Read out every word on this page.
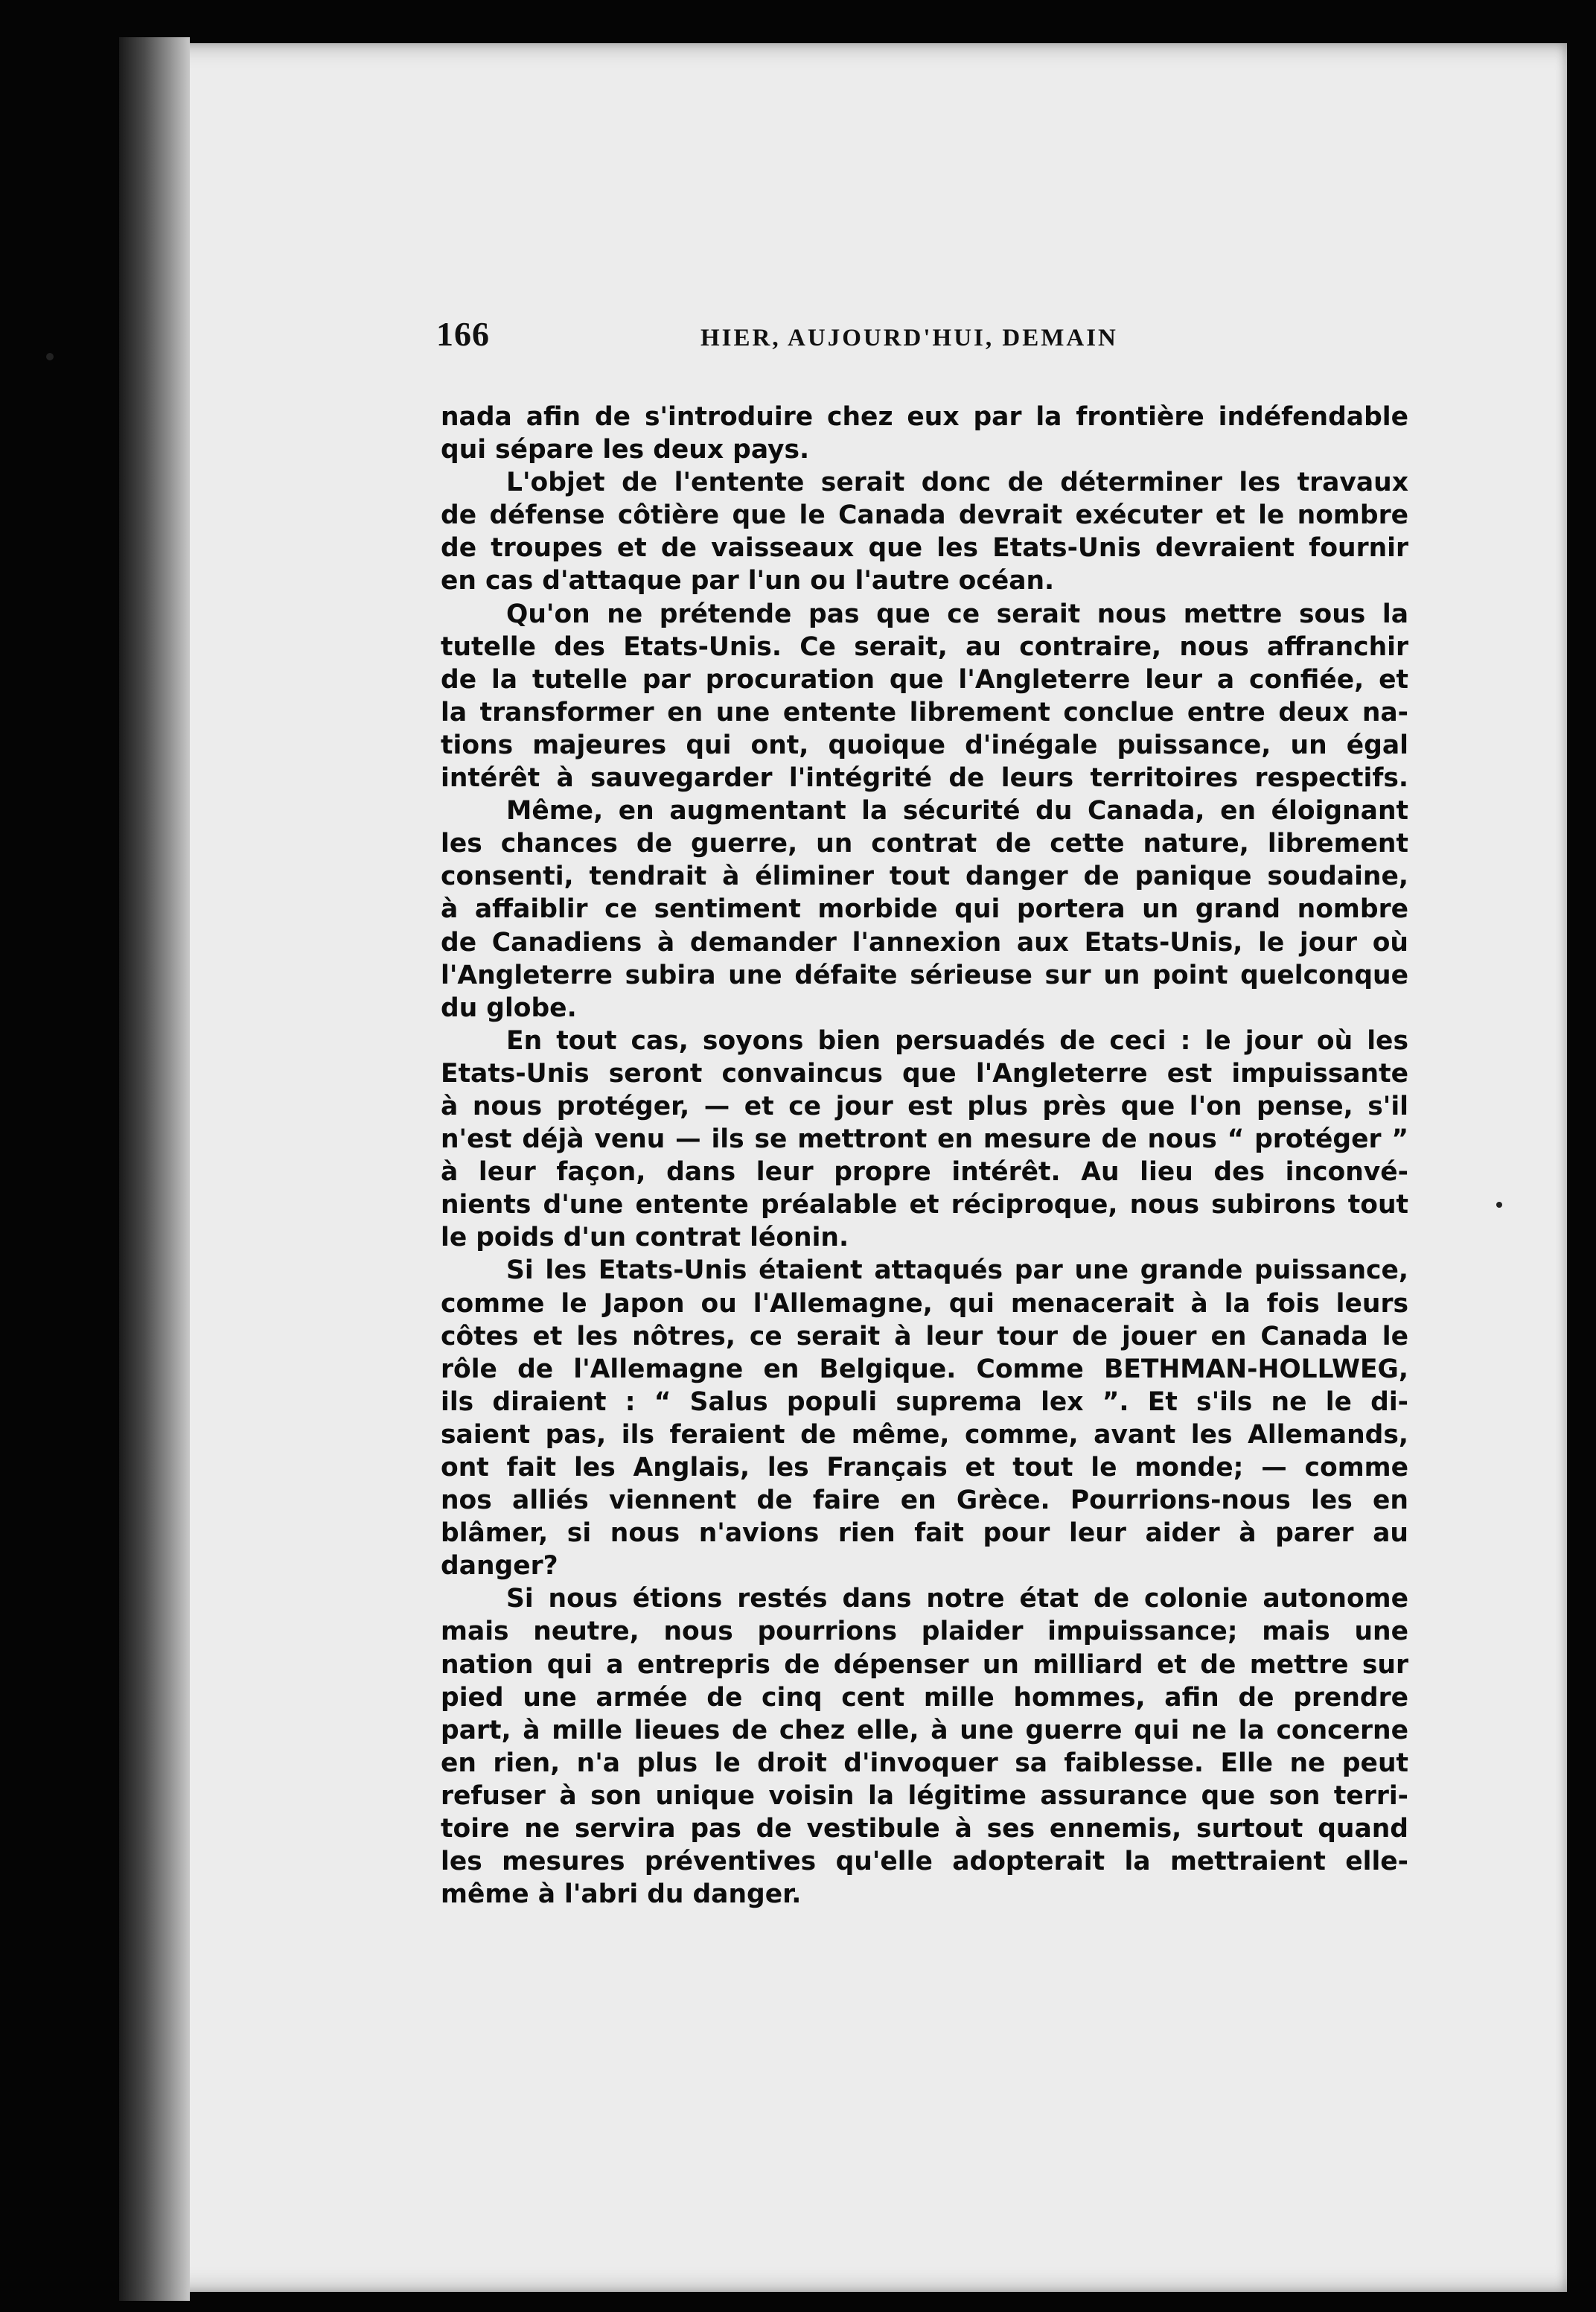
166	HIER, AUJOURD'HUI, DEMAIN
nada afin de s'introduire chez eux par la frontière indéfendable
qui sépare les deux pays.
L'objet de l'entente serait donc de déterminer les travaux
de défense côtière que le Canada devrait exécuter et le nombre
de troupes et de vaisseaux que les Etats-Unis devraient fournir
en cas d'attaque par l'un ou l'autre océan.
Qu'on ne prétende pas que ce serait nous mettre sous la
tutelle des Etats-Unis. Ce serait, au contraire, nous affranchir
de la tutelle par procuration que l'Angleterre leur a confiée, et
la transformer en une entente librement conclue entre deux na-
tions majeures qui ont, quoique d'inégale puissance, un égal
intérêt à sauvegarder l'intégrité de leurs territoires respectifs.
Même, en augmentant la sécurité du Canada, en éloignant
les chances de guerre, un contrat de cette nature, librement
consenti, tendrait à éliminer tout danger de panique soudaine,
à affaiblir ce sentiment morbide qui portera un grand nombre
de Canadiens à demander l'annexion aux Etats-Unis, le jour où
l'Angleterre subira une défaite sérieuse sur un point quelconque
du globe.
En tout cas, soyons bien persuadés de ceci : le jour où les
Etats-Unis seront convaincus que l'Angleterre est impuissante
à nous protéger, — et ce jour est plus près que l'on pense, s'il
n'est déjà venu — ils se mettront en mesure de nous “ protéger ”
à leur façon, dans leur propre intérêt. Au lieu des inconvé-
nients d'une entente préalable et réciproque, nous subirons tout
le poids d'un contrat léonin.
Si les Etats-Unis étaient attaqués par une grande puissance,
comme le Japon ou l'Allemagne, qui menacerait à la fois leurs
côtes et les nôtres, ce serait à leur tour de jouer en Canada le
rôle de l'Allemagne en Belgique. Comme BETHMAN-HOLLWEG,
ils diraient : “ Salus populi suprema lex ”. Et s'ils ne le di-
saient pas, ils feraient de même, comme, avant les Allemands,
ont fait les Anglais, les Français et tout le monde; — comme
nos alliés viennent de faire en Grèce. Pourrions-nous les en
blâmer, si nous n'avions rien fait pour leur aider à parer au
danger?
Si nous étions restés dans notre état de colonie autonome
mais neutre, nous pourrions plaider impuissance; mais une
nation qui a entrepris de dépenser un milliard et de mettre sur
pied une armée de cinq cent mille hommes, afin de prendre
part, à mille lieues de chez elle, à une guerre qui ne la concerne
en rien, n'a plus le droit d'invoquer sa faiblesse. Elle ne peut
refuser à son unique voisin la légitime assurance que son terri-
toire ne servira pas de vestibule à ses ennemis, surtout quand
les mesures préventives qu'elle adopterait la mettraient elle-
même à l'abri du danger.
